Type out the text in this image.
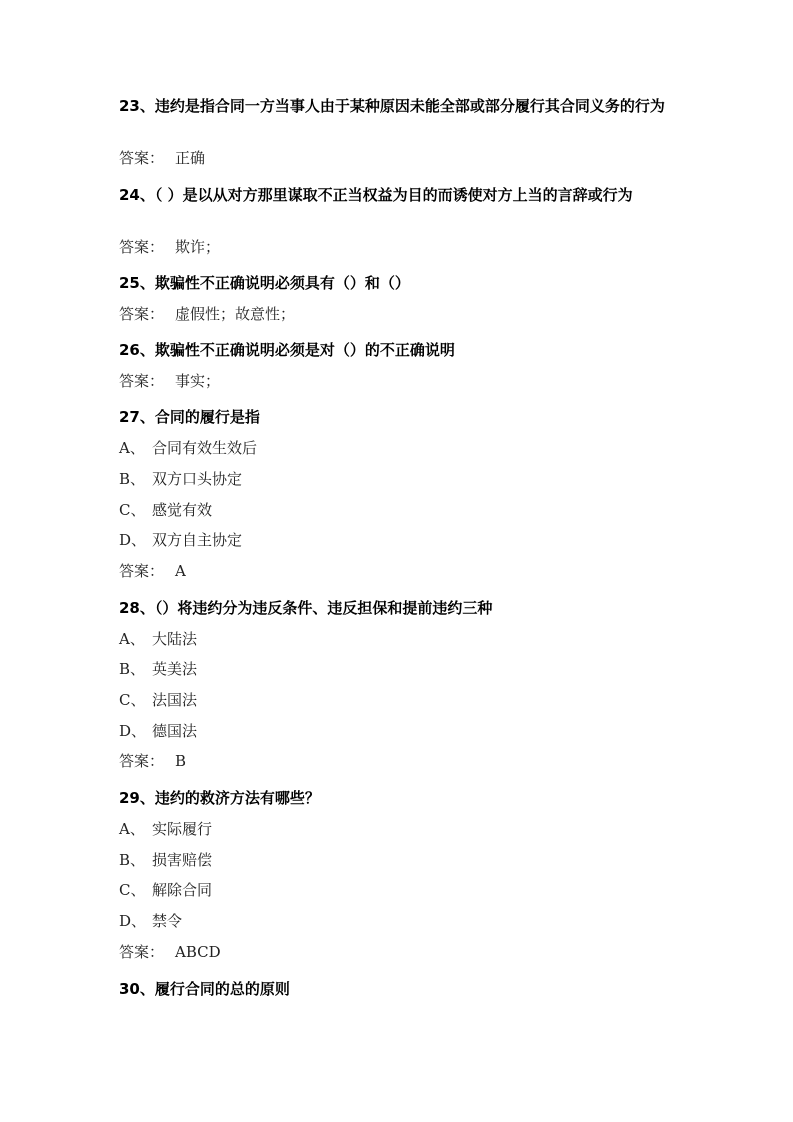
23、违约是指合同一方当事人由于某种原因未能全部或部分履行其合同义务的行为
答案： 正确
24、（ ）是以从对方那里谋取不正当权益为目的而诱使对方上当的言辞或行为
答案： 欺诈；
25、欺骗性不正确说明必须具有（）和（）
答案： 虚假性；故意性；
26、欺骗性不正确说明必须是对（）的不正确说明
答案： 事实；
27、合同的履行是指
A、 合同有效生效后
B、 双方口头协定
C、 感觉有效
D、 双方自主协定
答案： A
28、（）将违约分为违反条件、违反担保和提前违约三种
A、 大陆法
B、 英美法
C、 法国法
D、 德国法
答案： B
29、违约的救济方法有哪些？
A、 实际履行
B、 损害赔偿
C、 解除合同
D、 禁令
答案： ABCD
30、履行合同的总的原则
